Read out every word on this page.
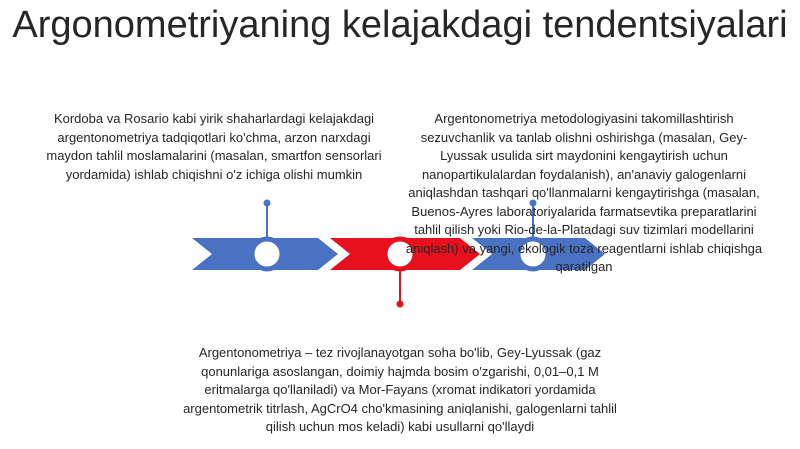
Argonometriyaning kelajakdagi tendentsiyalari
Kordoba va Rosario kabi yirik shaharlardagi kelajakdagi argentonometriya tadqiqotlari ko'chma, arzon narxdagi maydon tahlil moslamalarini (masalan, smartfon sensorlari yordamida) ishlab chiqishni o'z ichiga olishi mumkin
Argentonometriya metodologiyasini takomillashtirish sezuvchanlik va tanlab olishni oshirishga (masalan, Gey-Lyussak usulida sirt maydonini kengaytirish uchun nanopartikulalardan foydalanish), an'anaviy galogenlarni aniqlashdan tashqari qo'llanmalarni kengaytirishga (masalan, Buenos-Ayres laboratoriyalarida farmatsevtika preparatlarini tahlil qilish yoki Rio-de-la-Platadagi suv tizimlari modellarini aniqlash) va yangi, ekologik toza reagentlarni ishlab chiqishga qaratilgan
Argentonometriya – tez rivojlanayotgan soha bo'lib, Gey-Lyussak (gaz qonunlariga asoslangan, doimiy hajmda bosim o'zgarishi, 0,01–0,1 M eritmalarga qo'llaniladi) va Mor-Fayans (xromat indikatori yordamida argentometrik titrlash, AgCrO4 cho'kmasining aniqlanishi, galogenlarni tahlil qilish uchun mos keladi) kabi usullarni qo'llaydi
